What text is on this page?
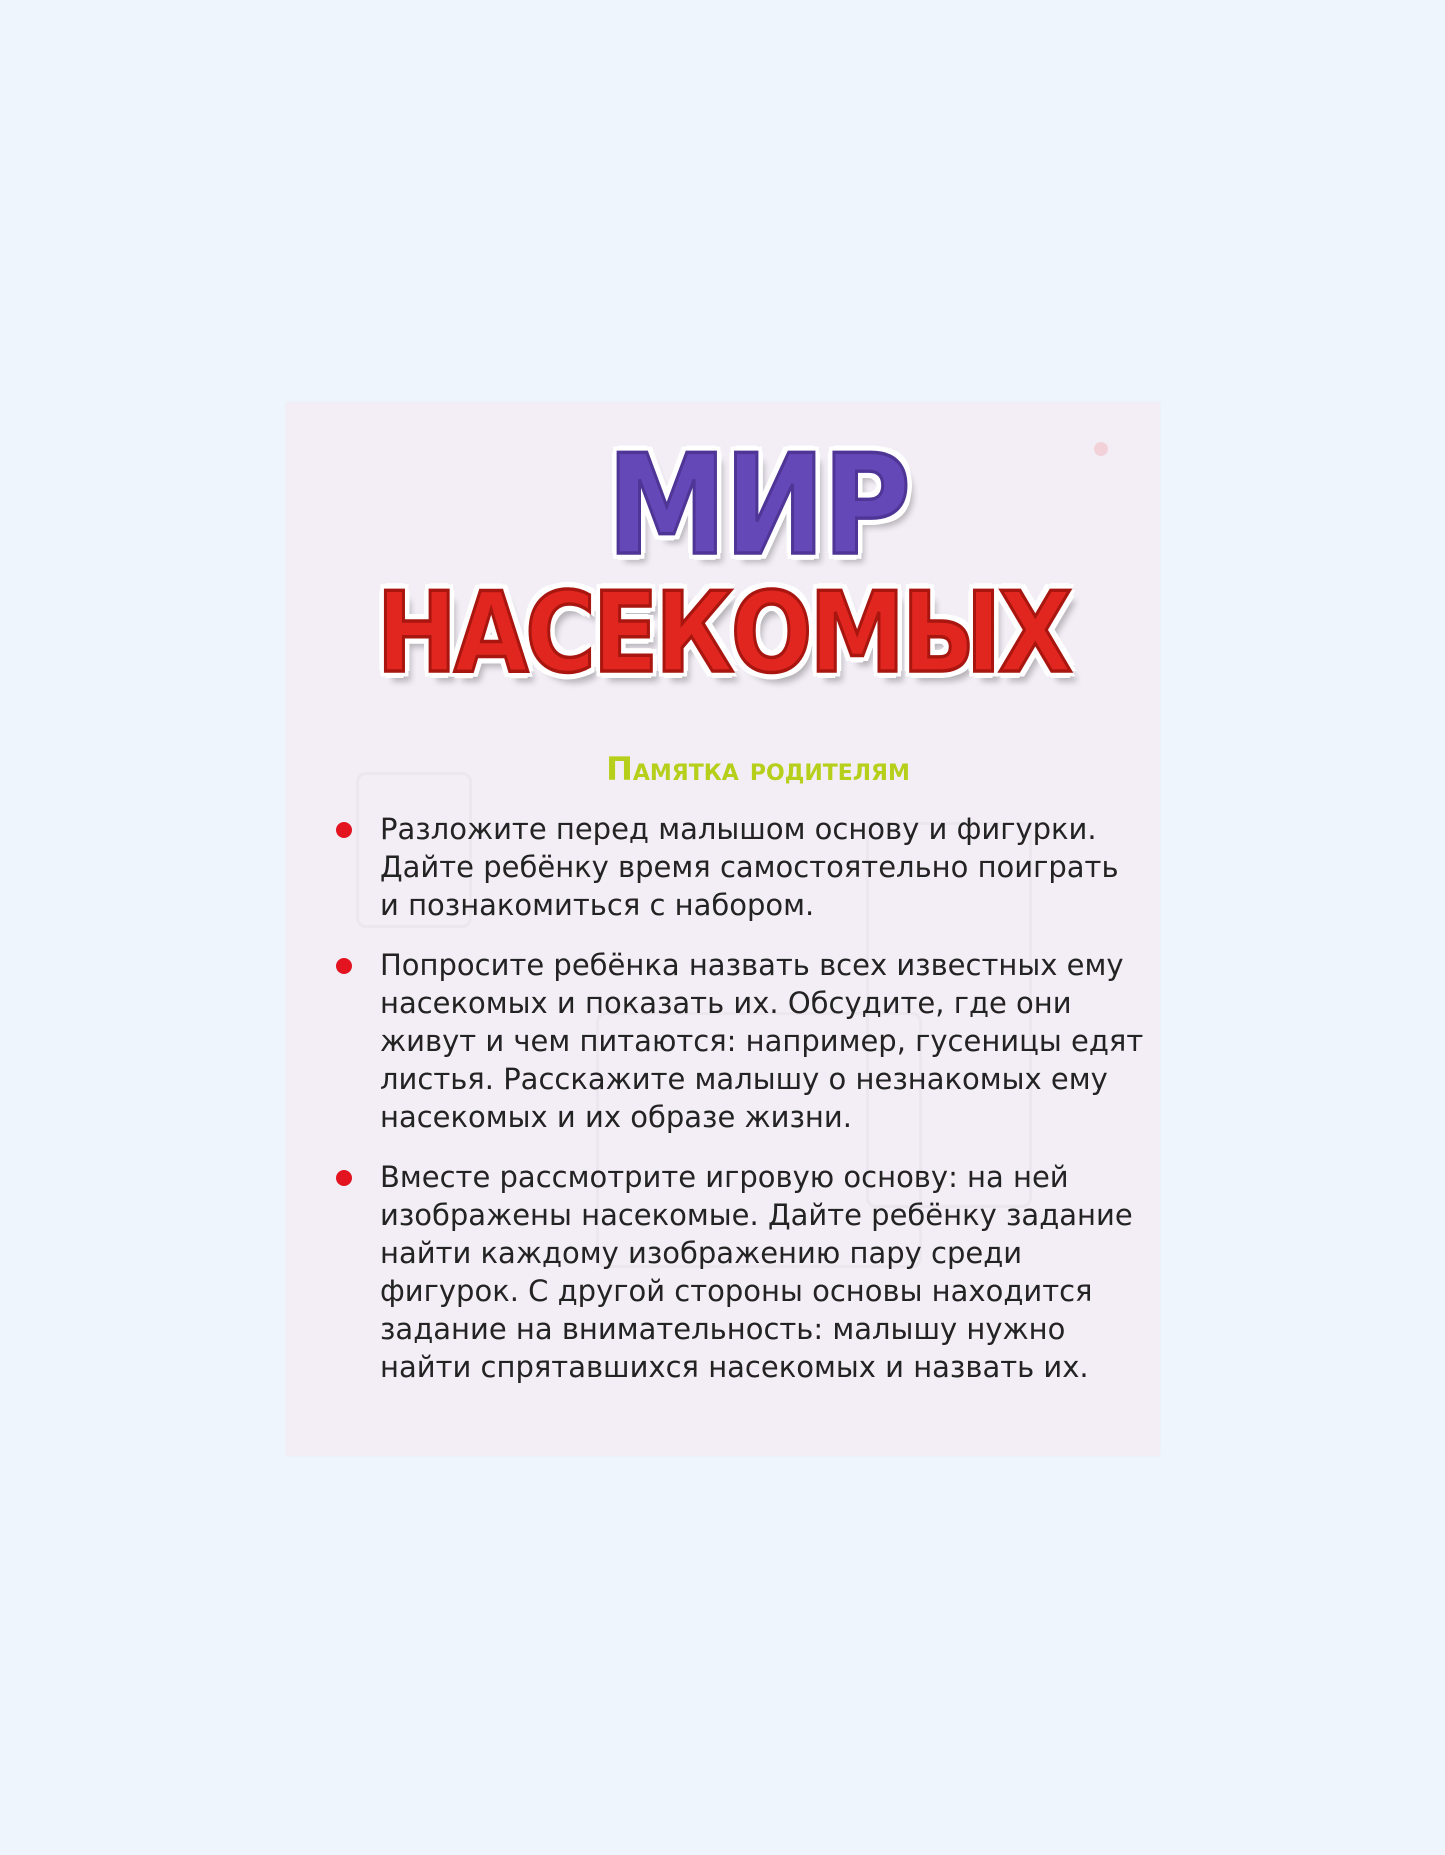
МИР
НАСЕКОМЫХ
Памятка родителям
Разложите перед малышом основу и фигурки. Дайте ребёнку время самостоятельно поиграть и познакомиться с набором.
Попросите ребёнка назвать всех известных ему насекомых и показать их. Обсудите, где они живут и чем питаются: например, гусеницы едят листья. Расскажите малышу о незнакомых ему насекомых и их образе жизни.
Вместе рассмотрите игровую основу: на ней изображены насекомые. Дайте ребёнку задание найти каждому изображению пару среди фигурок. С другой стороны основы находится задание на внимательность: малышу нужно найти спрятавшихся насекомых и назвать их.
